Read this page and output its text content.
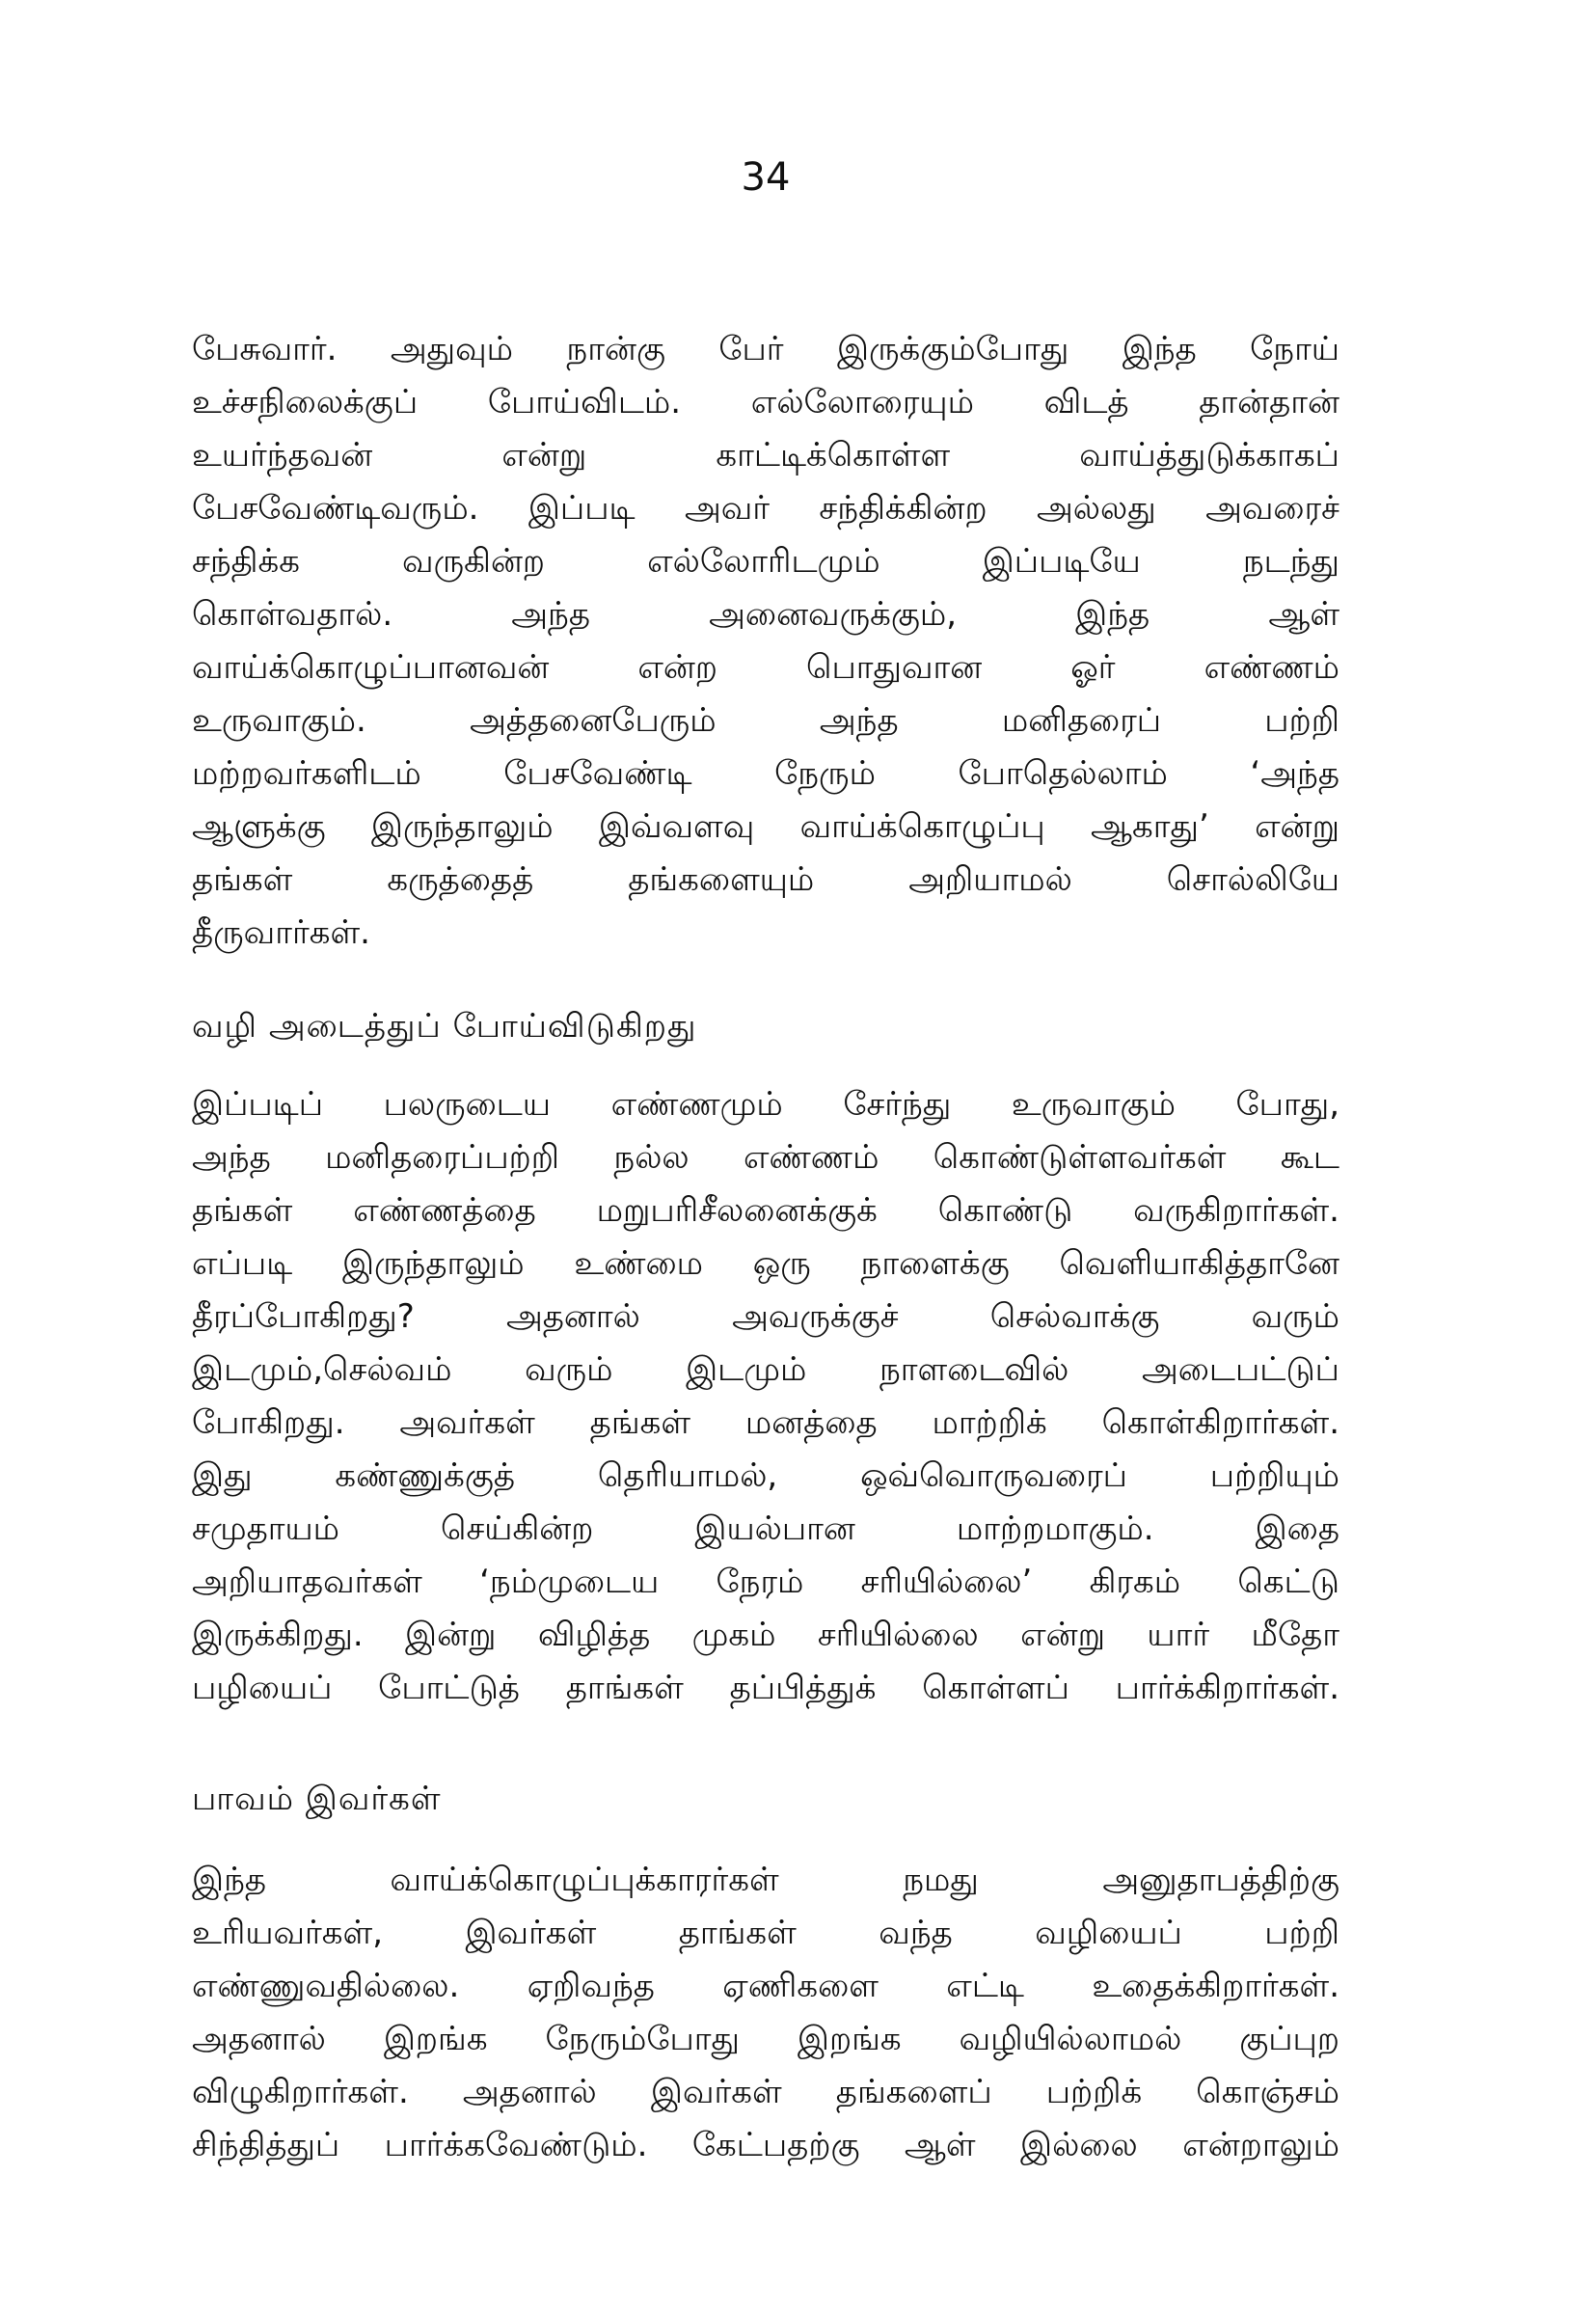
34
பேசுவார். அதுவும் நான்கு பேர் இருக்கும்போது இந்த நோய்
உச்சநிலைக்குப் போய்விடம். எல்லோரையும் விடத் தான்தான்
உயர்ந்தவன் என்று காட்டிக்கொள்ள வாய்த்துடுக்காகப்
பேசவேண்டிவரும். இப்படி அவர் சந்திக்கின்ற அல்லது அவரைச்
சந்திக்க வருகின்ற எல்லோரிடமும் இப்படியே நடந்து
கொள்வதால். அந்த அனைவருக்கும், இந்த ஆள்
வாய்க்கொழுப்பானவன் என்ற பொதுவான ஓர் எண்ணம்
உருவாகும். அத்தனைபேரும் அந்த மனிதரைப் பற்றி
மற்றவர்களிடம் பேசவேண்டி நேரும் போதெல்லாம் ‘அந்த
ஆளுக்கு இருந்தாலும் இவ்வளவு வாய்க்கொழுப்பு ஆகாது’ என்று
தங்கள் கருத்தைத் தங்களையும் அறியாமல் சொல்லியே
தீருவார்கள்.
வழி அடைத்துப் போய்விடுகிறது
இப்படிப் பலருடைய எண்ணமும் சேர்ந்து உருவாகும் போது,
அந்த மனிதரைப்பற்றி நல்ல எண்ணம் கொண்டுள்ளவர்கள் கூட
தங்கள் எண்ணத்தை மறுபரிசீலனைக்குக் கொண்டு வருகிறார்கள்.
எப்படி இருந்தாலும் உண்மை ஒரு நாளைக்கு வெளியாகித்தானே
தீரப்போகிறது? அதனால் அவருக்குச் செல்வாக்கு வரும்
இடமும்,செல்வம் வரும் இடமும் நாளடைவில் அடைபட்டுப்
போகிறது. அவர்கள் தங்கள் மனத்தை மாற்றிக் கொள்கிறார்கள்.
இது கண்ணுக்குத் தெரியாமல், ஒவ்வொருவரைப் பற்றியும்
சமுதாயம் செய்கின்ற இயல்பான மாற்றமாகும். இதை
அறியாதவர்கள் ‘நம்முடைய நேரம் சரியில்லை’ கிரகம் கெட்டு
இருக்கிறது. இன்று விழித்த முகம் சரியில்லை என்று யார் மீதோ
பழியைப் போட்டுத் தாங்கள் தப்பித்துக் கொள்ளப் பார்க்கிறார்கள்.
பாவம் இவர்கள்
இந்த வாய்க்கொழுப்புக்காரர்கள் நமது அனுதாபத்திற்கு
உரியவர்கள், இவர்கள் தாங்கள் வந்த வழியைப் பற்றி
எண்ணுவதில்லை. ஏறிவந்த ஏணிகளை எட்டி உதைக்கிறார்கள்.
அதனால் இறங்க நேரும்போது இறங்க வழியில்லாமல் குப்புற
விழுகிறார்கள். அதனால் இவர்கள் தங்களைப் பற்றிக் கொஞ்சம்
சிந்தித்துப் பார்க்கவேண்டும். கேட்பதற்கு ஆள் இல்லை என்றாலும்
